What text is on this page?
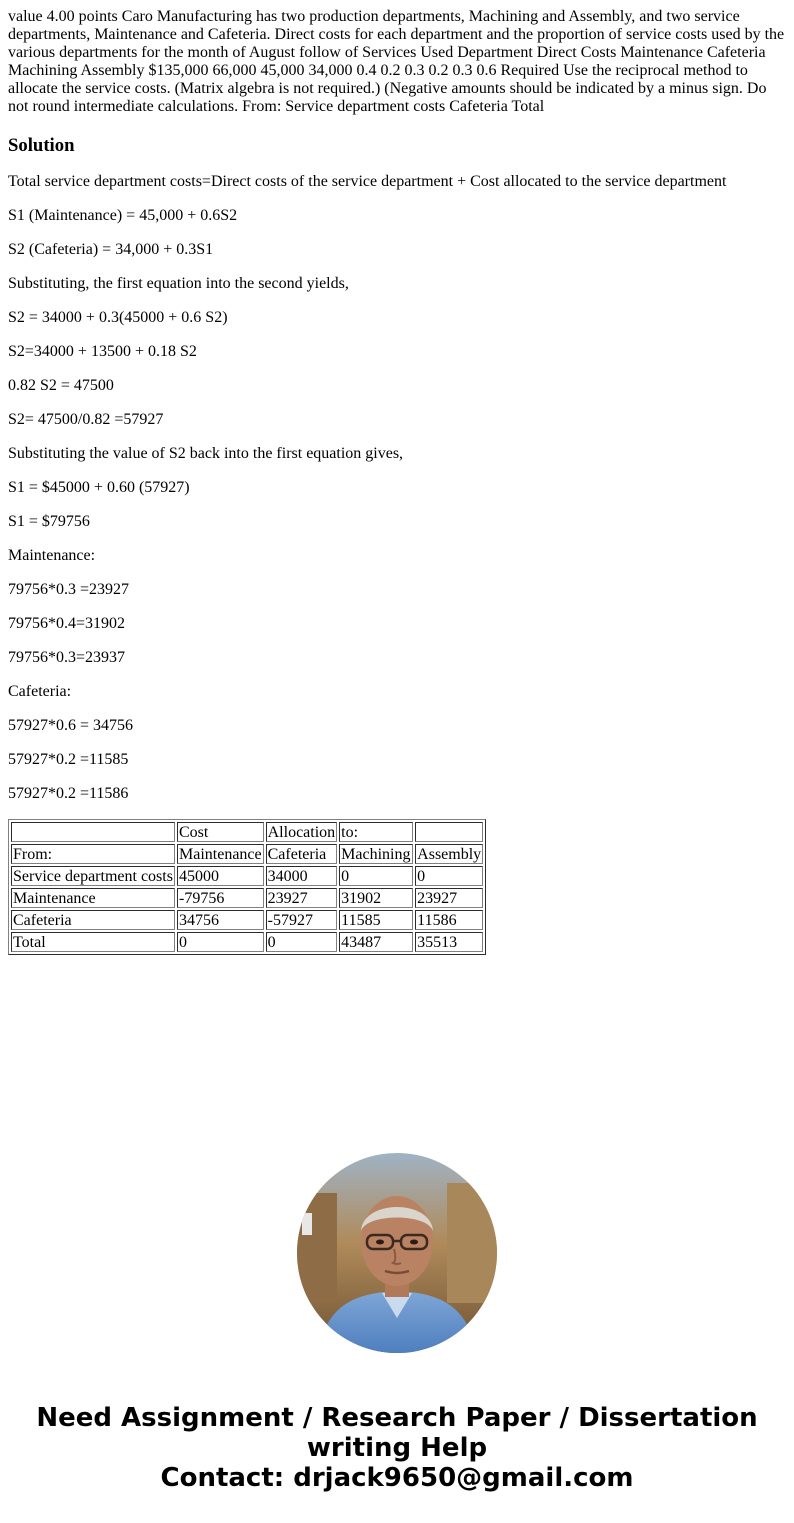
value 4.00 points Caro Manufacturing has two production departments, Machining and Assembly, and two service departments, Maintenance and Cafeteria. Direct costs for each department and the proportion of service costs used by the various departments for the month of August follow of Services Used Department Direct Costs Maintenance Cafeteria Machining Assembly $135,000 66,000 45,000 34,000 0.4 0.2 0.3 0.2 0.3 0.6 Required Use the reciprocal method to allocate the service costs. (Matrix algebra is not required.) (Negative amounts should be indicated by a minus sign. Do not round intermediate calculations. From: Service department costs Cafeteria Total

Solution

Total service department costs=Direct costs of the service department + Cost allocated to the service department

S1 (Maintenance) = 45,000 + 0.6S2

S2 (Cafeteria) = 34,000 + 0.3S1

Substituting, the first equation into the second yields,

S2 = 34000 + 0.3(45000 + 0.6 S2)

S2=34000 + 13500 + 0.18 S2

0.82 S2 = 47500

S2= 47500/0.82 =57927

Substituting the value of S2 back into the first equation gives,

S1 = $45000 + 0.60 (57927)

S1 = $79756

Maintenance:

79756*0.3 =23927

79756*0.4=31902

79756*0.3=23937

Cafeteria:

57927*0.6 = 34756

57927*0.2 =11585

57927*0.2 =11586

	Cost	Allocation	to:	
From:	Maintenance	Cafeteria	Machining	Assembly
Service department costs	45000	34000	0	0
Maintenance	-79756	23927	31902	23927
Cafeteria	34756	-57927	11585	11586
Total	0	0	43487	35513
Need Assignment / Research Paper / Dissertation
writing Help
Contact: drjack9650@gmail.com
